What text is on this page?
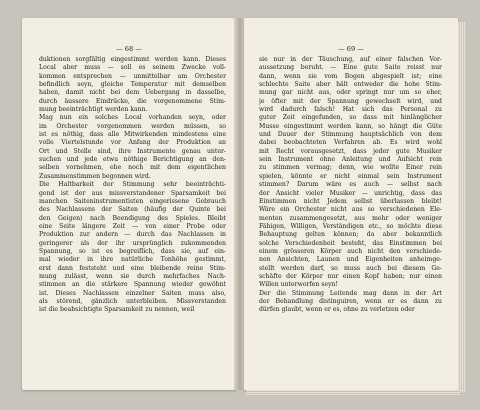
— 68 —
duktionen sorgfältig eingestimmt werden kann. Dieses
Local aber muss — soll es seinem Zwecke voll-
kommen entsprechen — unmittelbar am Orchester
befindlich seyn, gleiche Temperatur mit demselben
haben, damit nicht bei dem Uebergang in dasselbe,
durch äussere Eindrücke, die vorgenommene Stim-
mung beeinträchtigt werden kann.
Mag nun ein solches Local vorhanden seyn, oder
im Orchester vorgenommen werden müssen, so
ist es nöthig, dass alle Mitwirkenden mindestens eine
volle Viertelstunde vor Anfang der Produktion an
Ort und Stelle sind, ihre Instrumente genau unter-
suchen und jede etwa nöthige Berichtigung an den-
selben vornehmen, ehe noch mit dem eigentlichen
Zusammenstimmen begonnen wird.
Die Haltbarkeit der Stimmung sehr beeinträchti-
gend ist der aus missverstandener Sparsamkeit bei
manchen Saiteninstrumentisten eingerissene Gebrauch
des Nachlassens der Saiten (häufig der Quinte bei
den Geigen) nach Beendigung des Spieles. Bleibt
eine Seite längere Zeit — von einer Probe oder
Produktion zur andern — durch das Nachlassen in
geringerer als der ihr ursprünglich zukommenden
Spannung, so ist es begreiflich, dass sie, auf ein-
mal wieder in ihre natürliche Tonhöhe gestimmt,
erst dann feststeht und eine bleibende reine Stim-
mung zulässt, wenn sie durch mehrfaches Nach-
stimmen an die stärkere Spannung wieder gewöhnt
ist. Dieses Nachlassen einzelner Saiten muss also,
als störend, gänzlich unterbleiben. Missverstanden
ist die beabsichtigte Sparsamkeit zu nennen, weil
— 69 —
sie nur in der Täuschung, auf einer falschen Vor-
aussetzung beruht. — Eine gute Saite reisst nur
dann, wenn sie vom Bogen abgespielt ist; eine
schlechte Saite aber hält entweder die hohe Stim-
mung gar nicht aus, oder springt nur um so eher,
je öfter mit der Spannung gewechselt wird, und
wird dadurch falsch! Hat sich das Personal zu
guter Zeit eingefunden, so dass mit hinlänglicher
Musse eingestimmt werden kann, so hängt die Güte
und Dauer der Stimmung hauptsächlich von dem
dabei beobachteten Verfahren ab. Es wird wohl
mit Recht vorausgesetzt, dass jeder gute Musiker
sein Instrument ohne Anleitung und Aufsicht rein
zu stimmen vermag; denn, wie wollte Einer rein
spielen, könnte er nicht einmal sein Instrument
stimmen? Darum wäre es auch — selbst nach
der Ansicht vieler Musiker — unrichtig, dass das
Einstimmen nicht Jedem selbst überlassen bleibt!
Wäre ein Orchester nicht aus so verschiedenen Ele-
menten zusammengesetzt, aus mehr oder weniger
Fähigen, Willigen, Verständigen etc., so möchte diese
Behauptung gelten können; da aber bekanntlich
solche Verschiedenheit besteht, das Einstimmen bei
einem grösseren Körper auch nicht den verschiede-
nen Ansichten, Launen und Eigenheiten anheimge-
stellt werden darf, so muss auch bei diesem Ge-
schäfte der Körper nur einen Kopf haben; nur einen
Willen unterworfen seyn!
Der die Stimmung Leitende mag dann in der Art
der Behandlung distinguiren, wenn er es dann zu
dürfen glaubt, wenn er es, ohne zu verletzen oder
